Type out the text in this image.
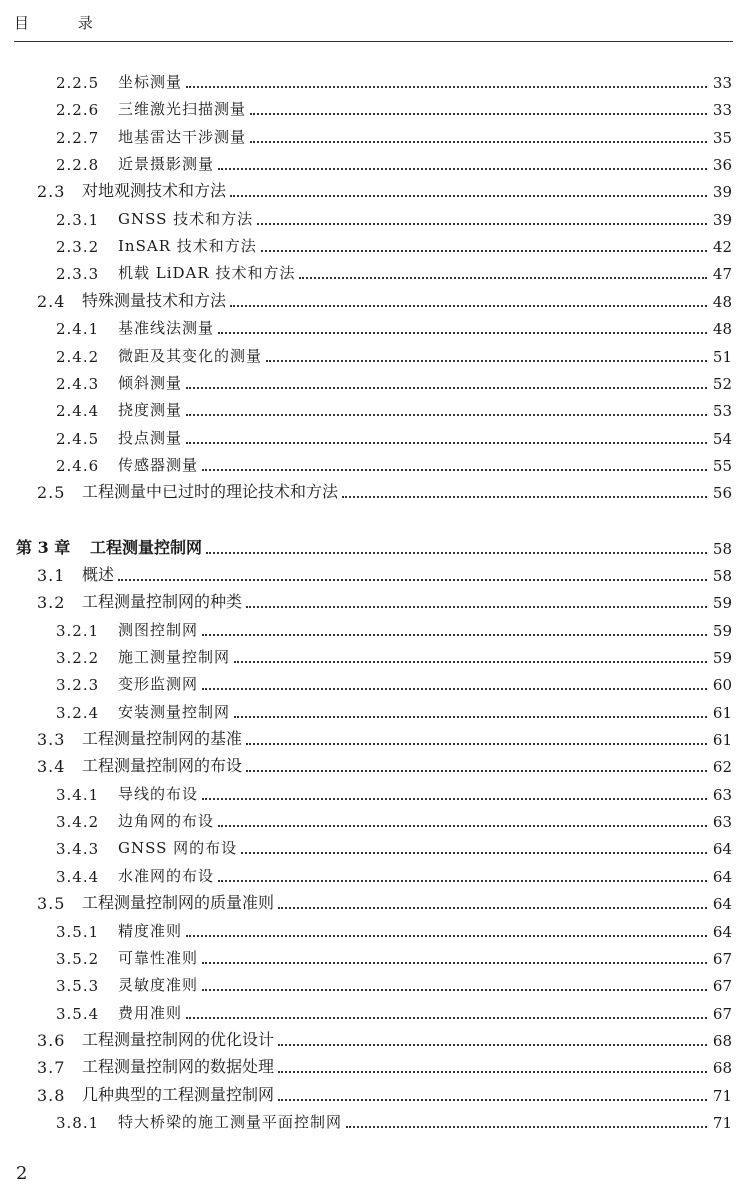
目 录
2.2.5 坐标测量	33
2.2.6 三维激光扫描测量	33
2.2.7 地基雷达干涉测量	35
2.2.8 近景摄影测量	36
2.3 对地观测技术和方法	39
2.3.1 GNSS 技术和方法	39
2.3.2 InSAR 技术和方法	42
2.3.3 机载 LiDAR 技术和方法	47
2.4 特殊测量技术和方法	48
2.4.1 基准线法测量	48
2.4.2 微距及其变化的测量	51
2.4.3 倾斜测量	52
2.4.4 挠度测量	53
2.4.5 投点测量	54
2.4.6 传感器测量	55
2.5 工程测量中已过时的理论技术和方法	56
第 3 章 工程测量控制网	58
3.1 概述	58
3.2 工程测量控制网的种类	59
3.2.1 测图控制网	59
3.2.2 施工测量控制网	59
3.2.3 变形监测网	60
3.2.4 安装测量控制网	61
3.3 工程测量控制网的基准	61
3.4 工程测量控制网的布设	62
3.4.1 导线的布设	63
3.4.2 边角网的布设	63
3.4.3 GNSS 网的布设	64
3.4.4 水准网的布设	64
3.5 工程测量控制网的质量准则	64
3.5.1 精度准则	64
3.5.2 可靠性准则	67
3.5.3 灵敏度准则	67
3.5.4 费用准则	67
3.6 工程测量控制网的优化设计	68
3.7 工程测量控制网的数据处理	68
3.8 几种典型的工程测量控制网	71
3.8.1 特大桥梁的施工测量平面控制网	71
2
